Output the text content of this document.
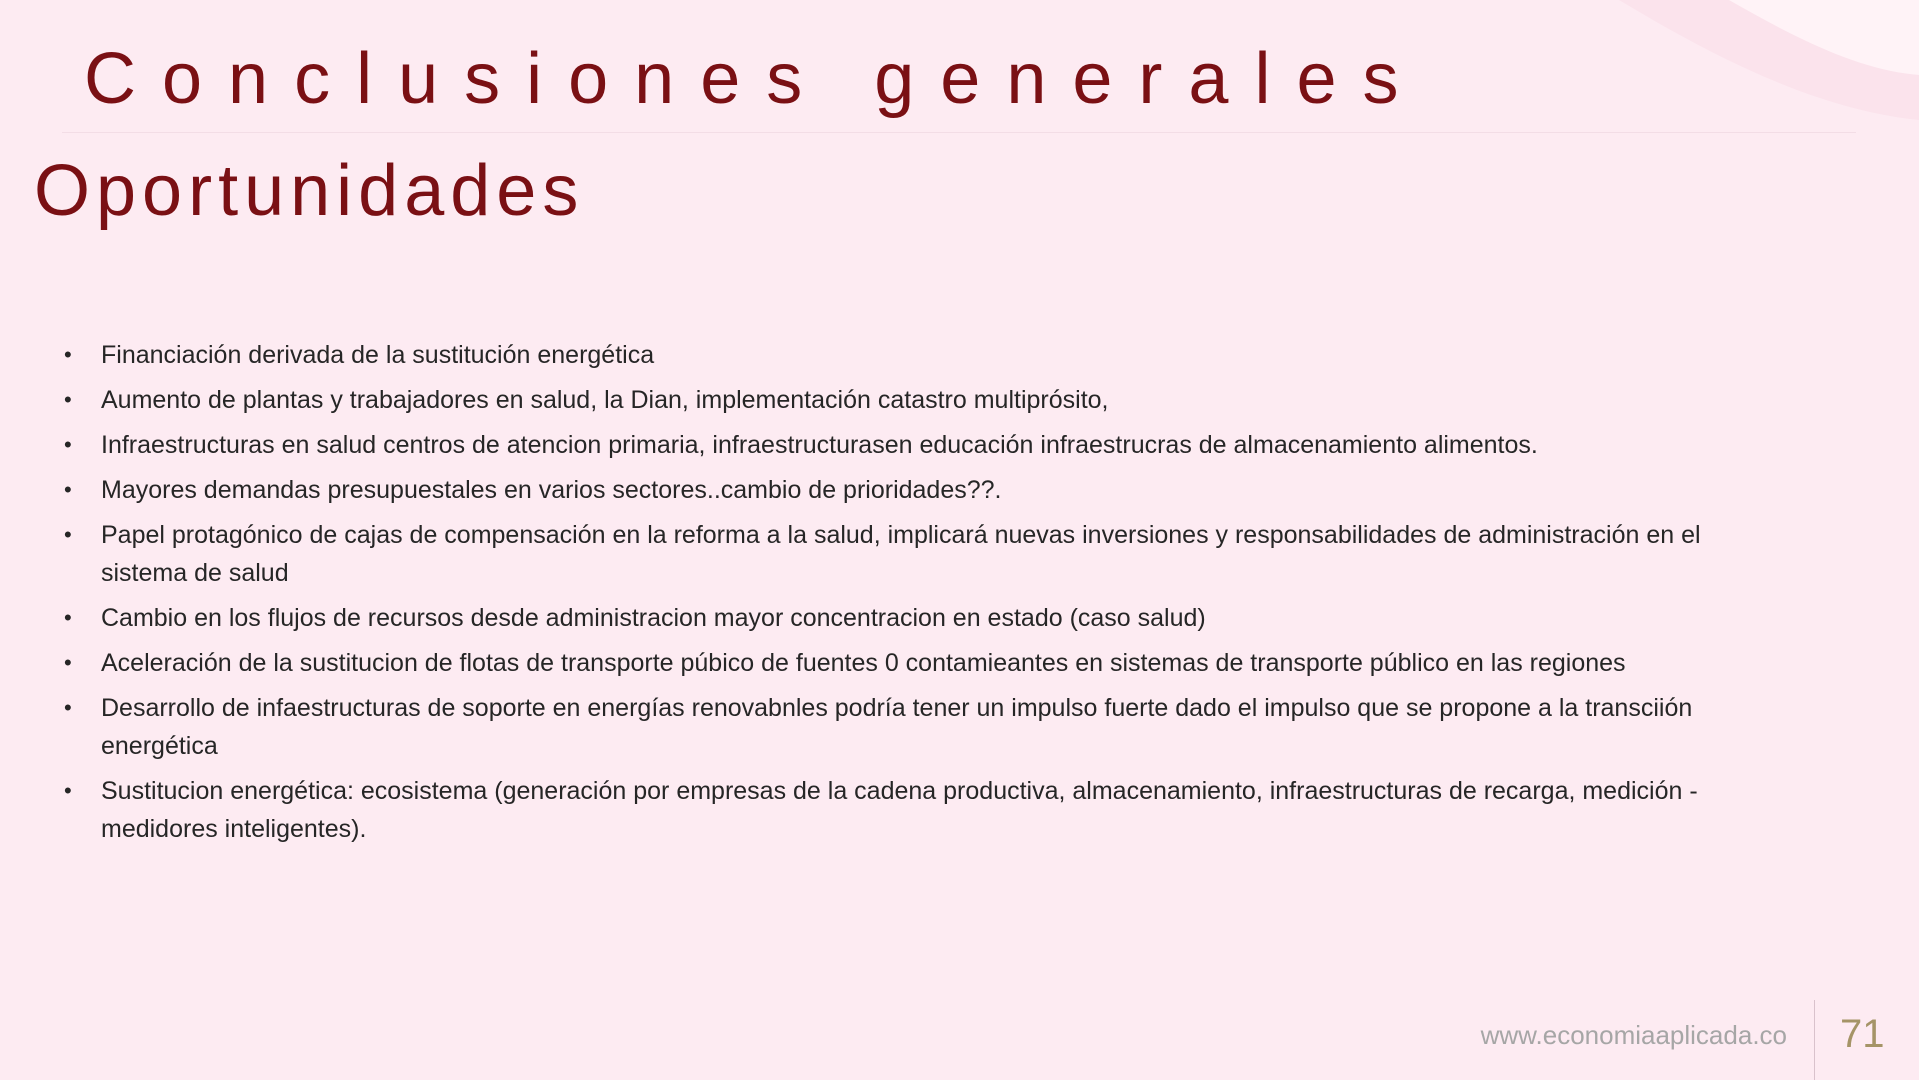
Conclusiones generales
Oportunidades
• Financiación derivada de la sustitución energética
• Aumento de plantas y trabajadores en salud, la Dian, implementación catastro multiprósito,
• Infraestructuras en salud centros de atencion primaria, infraestructurasen educación infraestrucras de almacenamiento alimentos.
• Mayores demandas presupuestales en varios sectores..cambio de prioridades??.
• Papel protagónico de cajas de compensación en la reforma a la salud, implicará nuevas inversiones y responsabilidades de administración en el sistema de salud
• Cambio en los flujos de recursos desde administracion mayor concentracion en estado (caso salud)
• Aceleración de la sustitucion de flotas de transporte púbico de fuentes 0 contamieantes en sistemas de transporte público en las regiones
• Desarrollo de infaestructuras de soporte en energías renovabnles podría tener un impulso fuerte dado el impulso que se propone a la transciión energética
• Sustitucion energética: ecosistema (generación por empresas de la cadena productiva, almacenamiento, infraestructuras de recarga, medición - medidores inteligentes).
www.economiaaplicada.co 71
